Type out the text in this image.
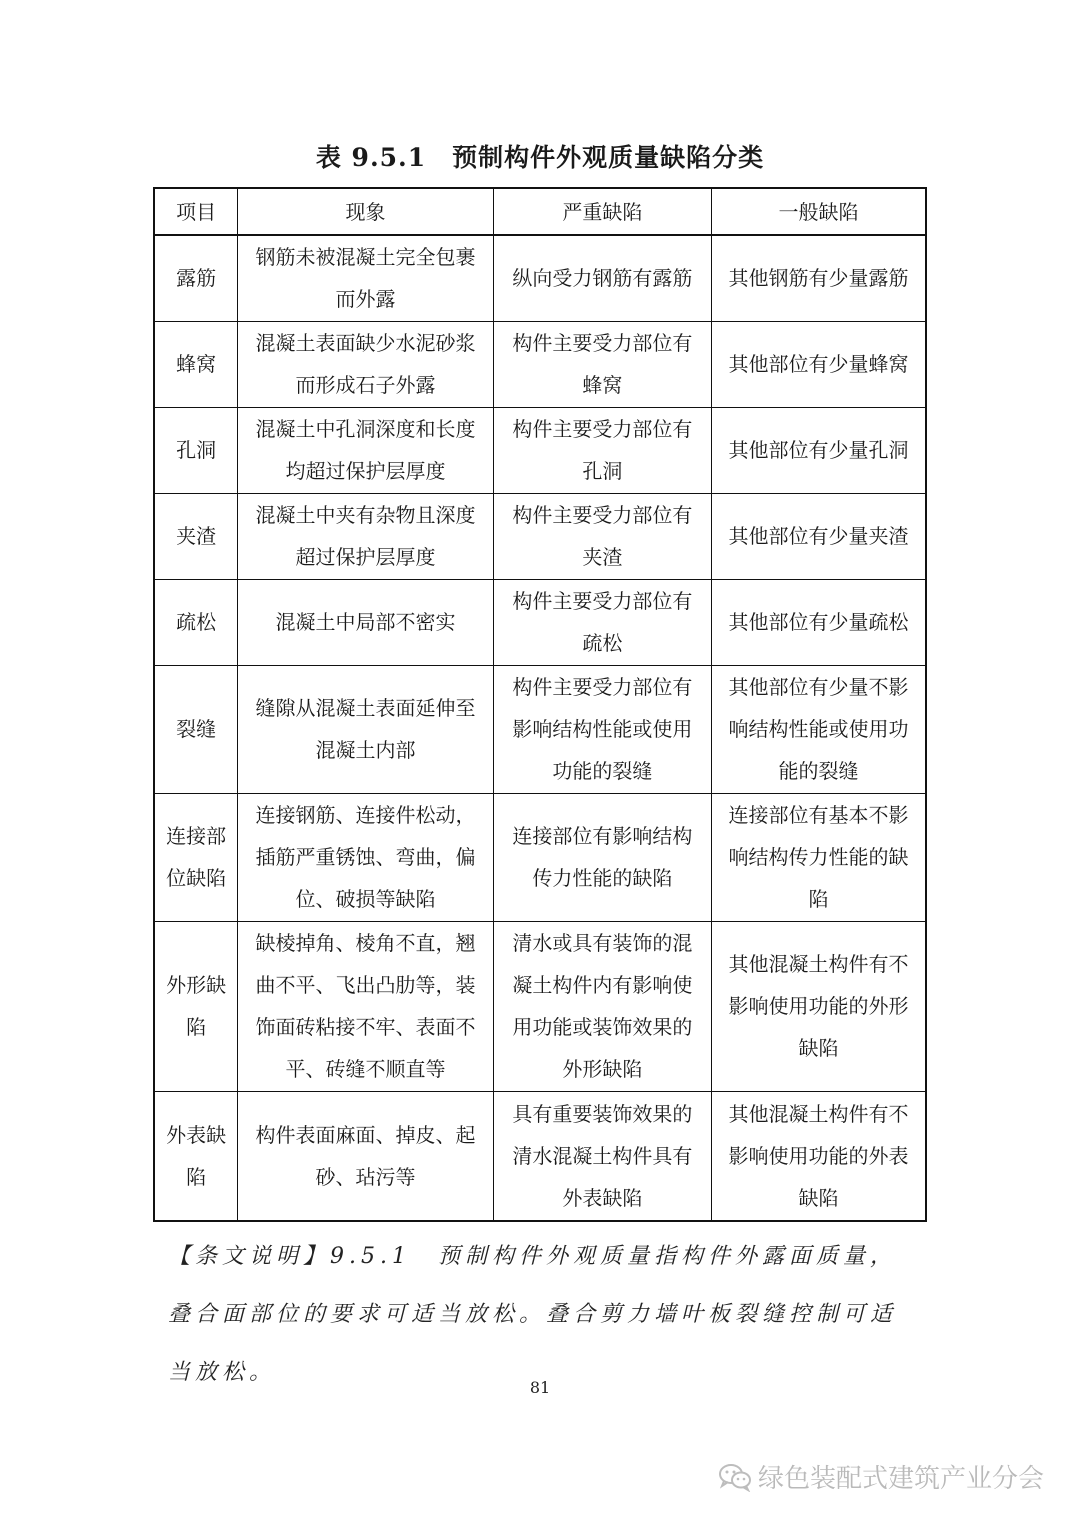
表 9.5.1　预制构件外观质量缺陷分类
项目	现象	严重缺陷	一般缺陷
露筋	钢筋未被混凝土完全包裹而外露	纵向受力钢筋有露筋	其他钢筋有少量露筋
蜂窝	混凝土表面缺少水泥砂浆而形成石子外露	构件主要受力部位有蜂窝	其他部位有少量蜂窝
孔洞	混凝土中孔洞深度和长度均超过保护层厚度	构件主要受力部位有孔洞	其他部位有少量孔洞
夹渣	混凝土中夹有杂物且深度超过保护层厚度	构件主要受力部位有夹渣	其他部位有少量夹渣
疏松	混凝土中局部不密实	构件主要受力部位有疏松	其他部位有少量疏松
裂缝	缝隙从混凝土表面延伸至混凝土内部	构件主要受力部位有影响结构性能或使用功能的裂缝	其他部位有少量不影响结构性能或使用功能的裂缝
连接部位缺陷	连接钢筋、连接件松动，插筋严重锈蚀、弯曲，偏位、破损等缺陷	连接部位有影响结构传力性能的缺陷	连接部位有基本不影响结构传力性能的缺陷
外形缺陷	缺棱掉角、棱角不直，翘曲不平、飞出凸肋等，装饰面砖粘接不牢、表面不平、砖缝不顺直等	清水或具有装饰的混凝土构件内有影响使用功能或装饰效果的外形缺陷	其他混凝土构件有不影响使用功能的外形缺陷
外表缺陷	构件表面麻面、掉皮、起砂、玷污等	具有重要装饰效果的清水混凝土构件具有外表缺陷	其他混凝土构件有不影响使用功能的外表缺陷
【条文说明】9.5.1　预制构件外观质量指构件外露面质量，叠合面部位的要求可适当放松。叠合剪力墙叶板裂缝控制可适当放松。
81
绿色装配式建筑产业分会
